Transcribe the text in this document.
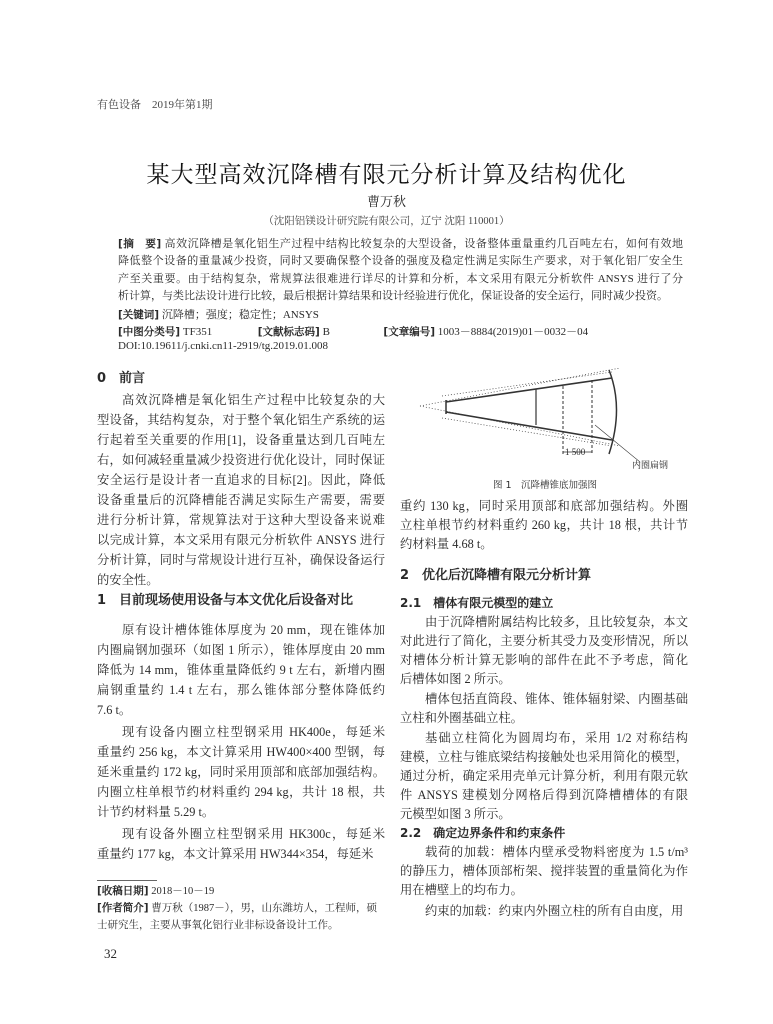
有色设备　2019年第1期
某大型高效沉降槽有限元分析计算及结构优化
曹万秋
（沈阳铝镁设计研究院有限公司，辽宁 沈阳 110001）
[摘　要] 高效沉降槽是氧化铝生产过程中结构比较复杂的大型设备，设备整体重量重约几百吨左右，如何有效地
降低整个设备的重量减少投资，同时又要确保整个设备的强度及稳定性满足实际生产要求，对于氧化铝厂安全生
产至关重要。由于结构复杂，常规算法很难进行详尽的计算和分析，本文采用有限元分析软件 ANSYS 进行了分
析计算，与类比法设计进行比较，最后根据计算结果和设计经验进行优化，保证设备的安全运行，同时减少投资。
[关键词] 沉降槽；强度；稳定性；ANSYS
[中图分类号] TF351	[文献标志码] B	[文章编号] 1003－8884(2019)01－0032－04
DOI:10.19611/j.cnki.cn11-2919/tg.2019.01.008
0　前言
高效沉降槽是氧化铝生产过程中比较复杂的大
型设备，其结构复杂，对于整个氧化铝生产系统的运
行起着至关重要的作用[1]，设备重量达到几百吨左
右，如何减轻重量减少投资进行优化设计，同时保证
安全运行是设计者一直追求的目标[2]。因此，降低
设备重量后的沉降槽能否满足实际生产需要，需要
进行分析计算，常规算法对于这种大型设备来说难
以完成计算，本文采用有限元分析软件 ANSYS 进行
分析计算，同时与常规设计进行互补，确保设备运行
的安全性。
1　目前现场使用设备与本文优化后设备对比
原有设计槽体锥体厚度为 20 mm，现在锥体加
内圈扁钢加强环（如图 1 所示），锥体厚度由 20 mm
降低为 14 mm，锥体重量降低约 9 t 左右，新增内圈
扁钢重量约 1.4 t 左右，那么锥体部分整体降低约
7.6 t。
现有设备内圈立柱型钢采用 HK400e，每延米
重量约 256 kg，本文计算采用 HW400×400 型钢，每
延米重量约 172 kg，同时采用顶部和底部加强结构。
内圈立柱单根节约材料重约 294 kg，共计 18 根，共
计节约材料量 5.29 t。
现有设备外圈立柱型钢采用 HK300c，每延米
重量约 177 kg，本文计算采用 HW344×354，每延米
[收稿日期] 2018－10－19
[作者简介] 曹万秋（1987－），男，山东潍坊人，工程师，硕
士研究生，主要从事氧化铝行业非标设备设计工作。
32
1 500
内圈扁钢
图 1　沉降槽锥底加强图
重约 130 kg，同时采用顶部和底部加强结构。外圈
立柱单根节约材料重约 260 kg，共计 18 根，共计节
约材料量 4.68 t。
2　优化后沉降槽有限元分析计算
2.1　槽体有限元模型的建立
由于沉降槽附属结构比较多，且比较复杂，本文
对此进行了简化，主要分析其受力及变形情况，所以
对槽体分析计算无影响的部件在此不予考虑，简化
后槽体如图 2 所示。
槽体包括直筒段、锥体、锥体辐射梁、内圈基础
立柱和外圈基础立柱。
基础立柱简化为圆周均布，采用 1/2 对称结构
建模，立柱与锥底梁结构接触处也采用简化的模型，
通过分析，确定采用壳单元计算分析，利用有限元软
件 ANSYS 建模划分网格后得到沉降槽槽体的有限
元模型如图 3 所示。
2.2　确定边界条件和约束条件
载荷的加载：槽体内壁承受物料密度为 1.5 t/m³
的静压力，槽体顶部桁架、搅拌装置的重量简化为作
用在槽壁上的均布力。
约束的加载：约束内外圈立柱的所有自由度，用
